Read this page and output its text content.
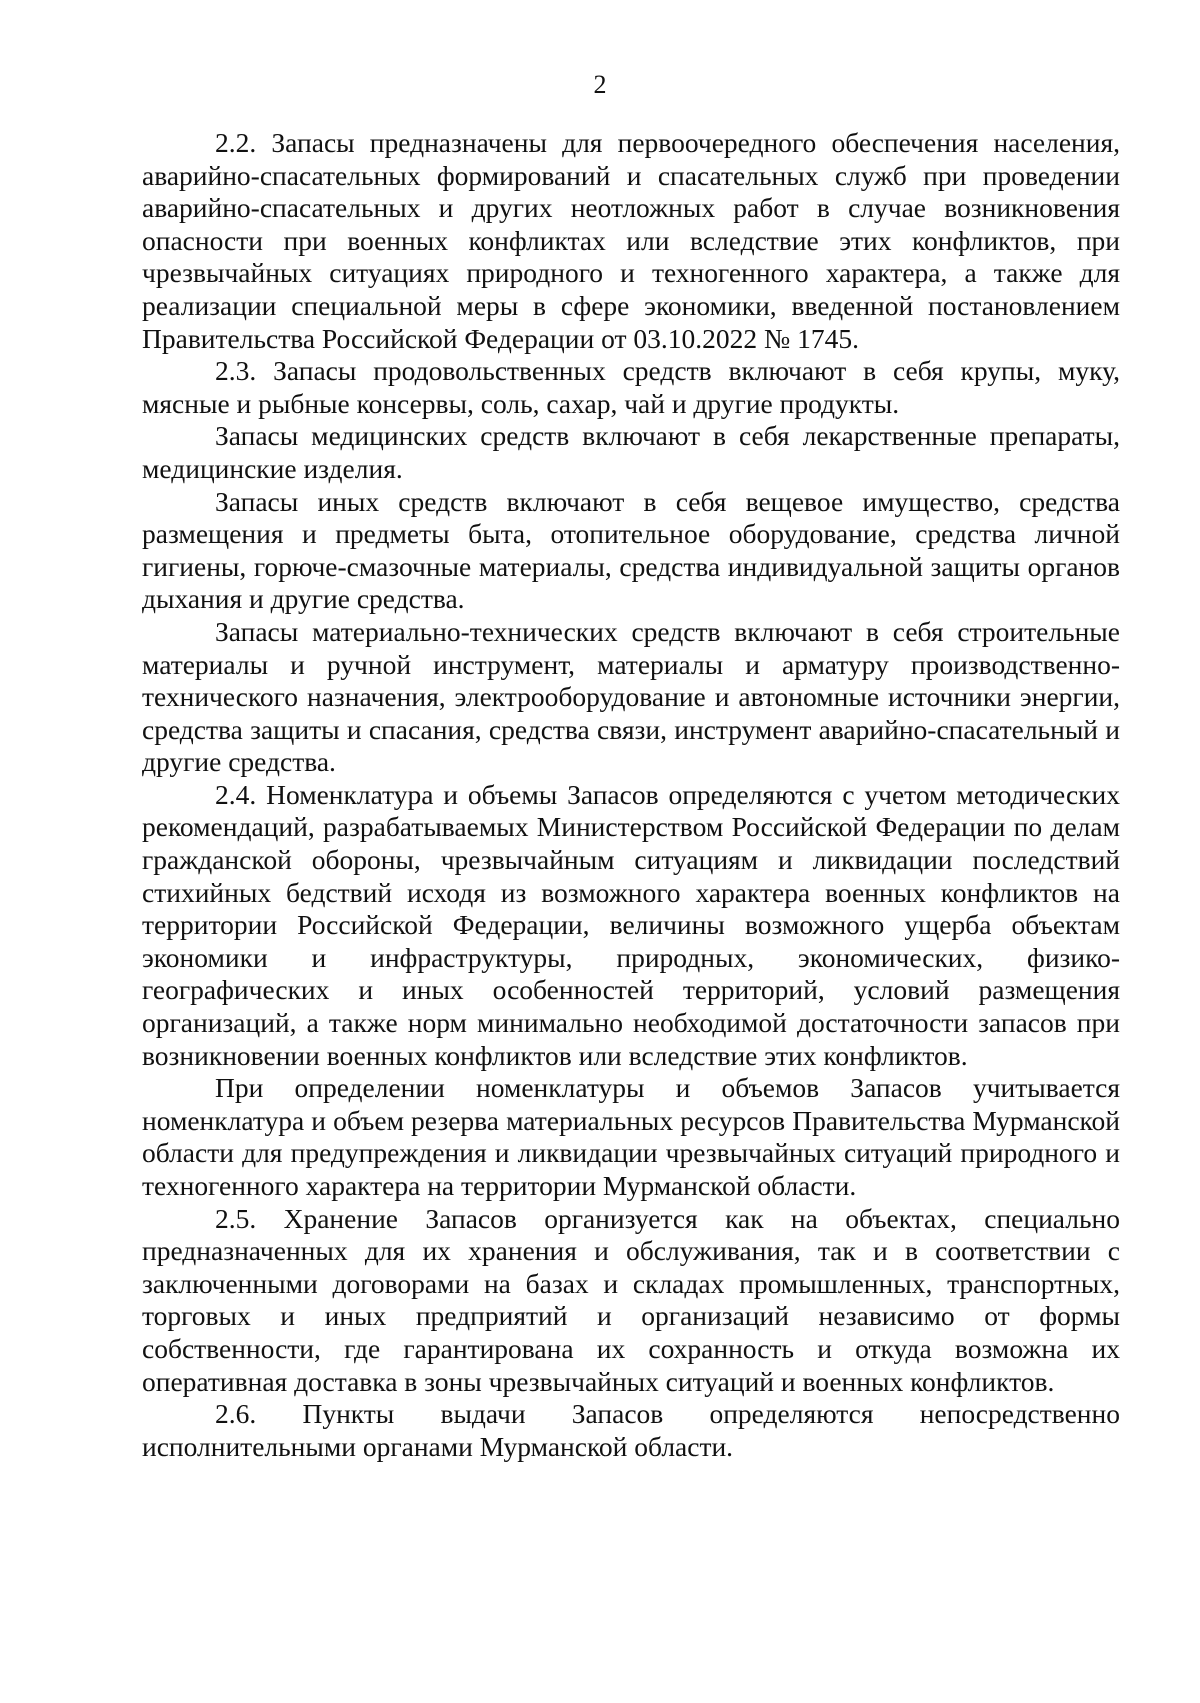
2

2.2. Запасы предназначены для первоочередного обеспечения населения, аварийно-спасательных формирований и спасательных служб при проведении аварийно-спасательных и других неотложных работ в случае возникновения опасности при военных конфликтах или вследствие этих конфликтов, при чрезвычайных ситуациях природного и техногенного характера, а также для реализации специальной меры в сфере экономики, введенной постановлением Правительства Российской Федерации от 03.10.2022 № 1745.

2.3. Запасы продовольственных средств включают в себя крупы, муку, мясные и рыбные консервы, соль, сахар, чай и другие продукты.

Запасы медицинских средств включают в себя лекарственные препараты, медицинские изделия.

Запасы иных средств включают в себя вещевое имущество, средства размещения и предметы быта, отопительное оборудование, средства личной гигиены, горюче-смазочные материалы, средства индивидуальной защиты органов дыхания и другие средства.

Запасы материально-технических средств включают в себя строительные материалы и ручной инструмент, материалы и арматуру производственно-технического назначения, электрооборудование и автономные источники энергии, средства защиты и спасания, средства связи, инструмент аварийно-спасательный и другие средства.

2.4. Номенклатура и объемы Запасов определяются с учетом методических рекомендаций, разрабатываемых Министерством Российской Федерации по делам гражданской обороны, чрезвычайным ситуациям и ликвидации последствий стихийных бедствий исходя из возможного характера военных конфликтов на территории Российской Федерации, величины возможного ущерба объектам экономики и инфраструктуры, природных, экономических, физико-географических и иных особенностей территорий, условий размещения организаций, а также норм минимально необходимой достаточности запасов при возникновении военных конфликтов или вследствие этих конфликтов.

При определении номенклатуры и объемов Запасов учитывается номенклатура и объем резерва материальных ресурсов Правительства Мурманской области для предупреждения и ликвидации чрезвычайных ситуаций природного и техногенного характера на территории Мурманской области.

2.5. Хранение Запасов организуется как на объектах, специально предназначенных для их хранения и обслуживания, так и в соответствии с заключенными договорами на базах и складах промышленных, транспортных, торговых и иных предприятий и организаций независимо от формы собственности, где гарантирована их сохранность и откуда возможна их оперативная доставка в зоны чрезвычайных ситуаций и военных конфликтов.

2.6. Пункты выдачи Запасов определяются непосредственно исполнительными органами Мурманской области.
